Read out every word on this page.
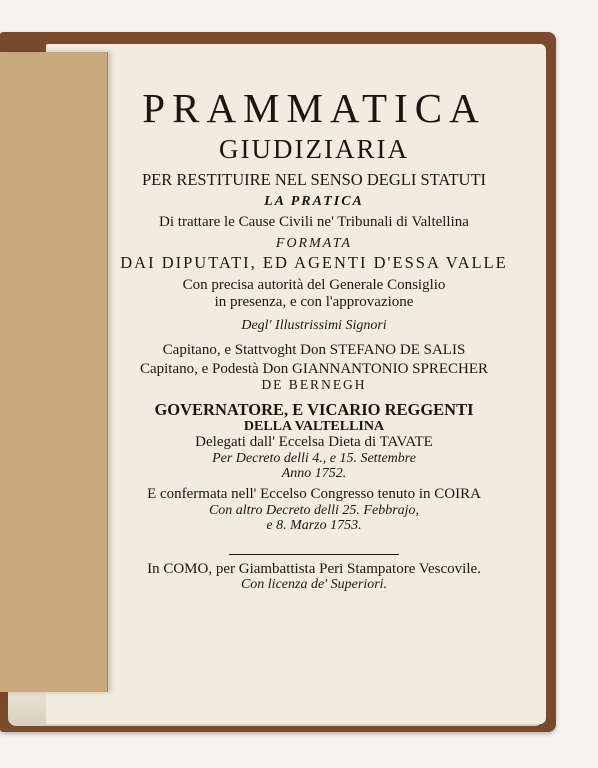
PRAMMATICA
GIUDIZIARIA
PER RESTITUIRE NEL SENSO DEGLI STATUTI
LA PRATICA
Di trattare le Cause Civili ne' Tribunali di Valtellina
FORMATA
DAI DIPUTATI, ED AGENTI D'ESSA VALLE
Con precisa autorità del Generale Consiglio
in presenza, e con l'approvazione
Degl' Illustrissimi Signori
Capitano, e Stattvoght Don STEFANO DE SALIS
Capitano, e Podestà Don GIANNANTONIO SPRECHER
DE BERNEGH
GOVERNATORE, E VICARIO REGGENTI
DELLA VALTELLINA
Delegati dall' Eccelsa Dieta di TAVATE
Per Decreto delli 4., e 15. Settembre
Anno 1752.
E confermata nell' Eccelso Congresso tenuto in COIRA
Con altro Decreto delli 25. Febbrajo,
e 8. Marzo 1753.
In COMO, per Giambattista Peri Stampatore Vescovile.
Con licenza de' Superiori.
